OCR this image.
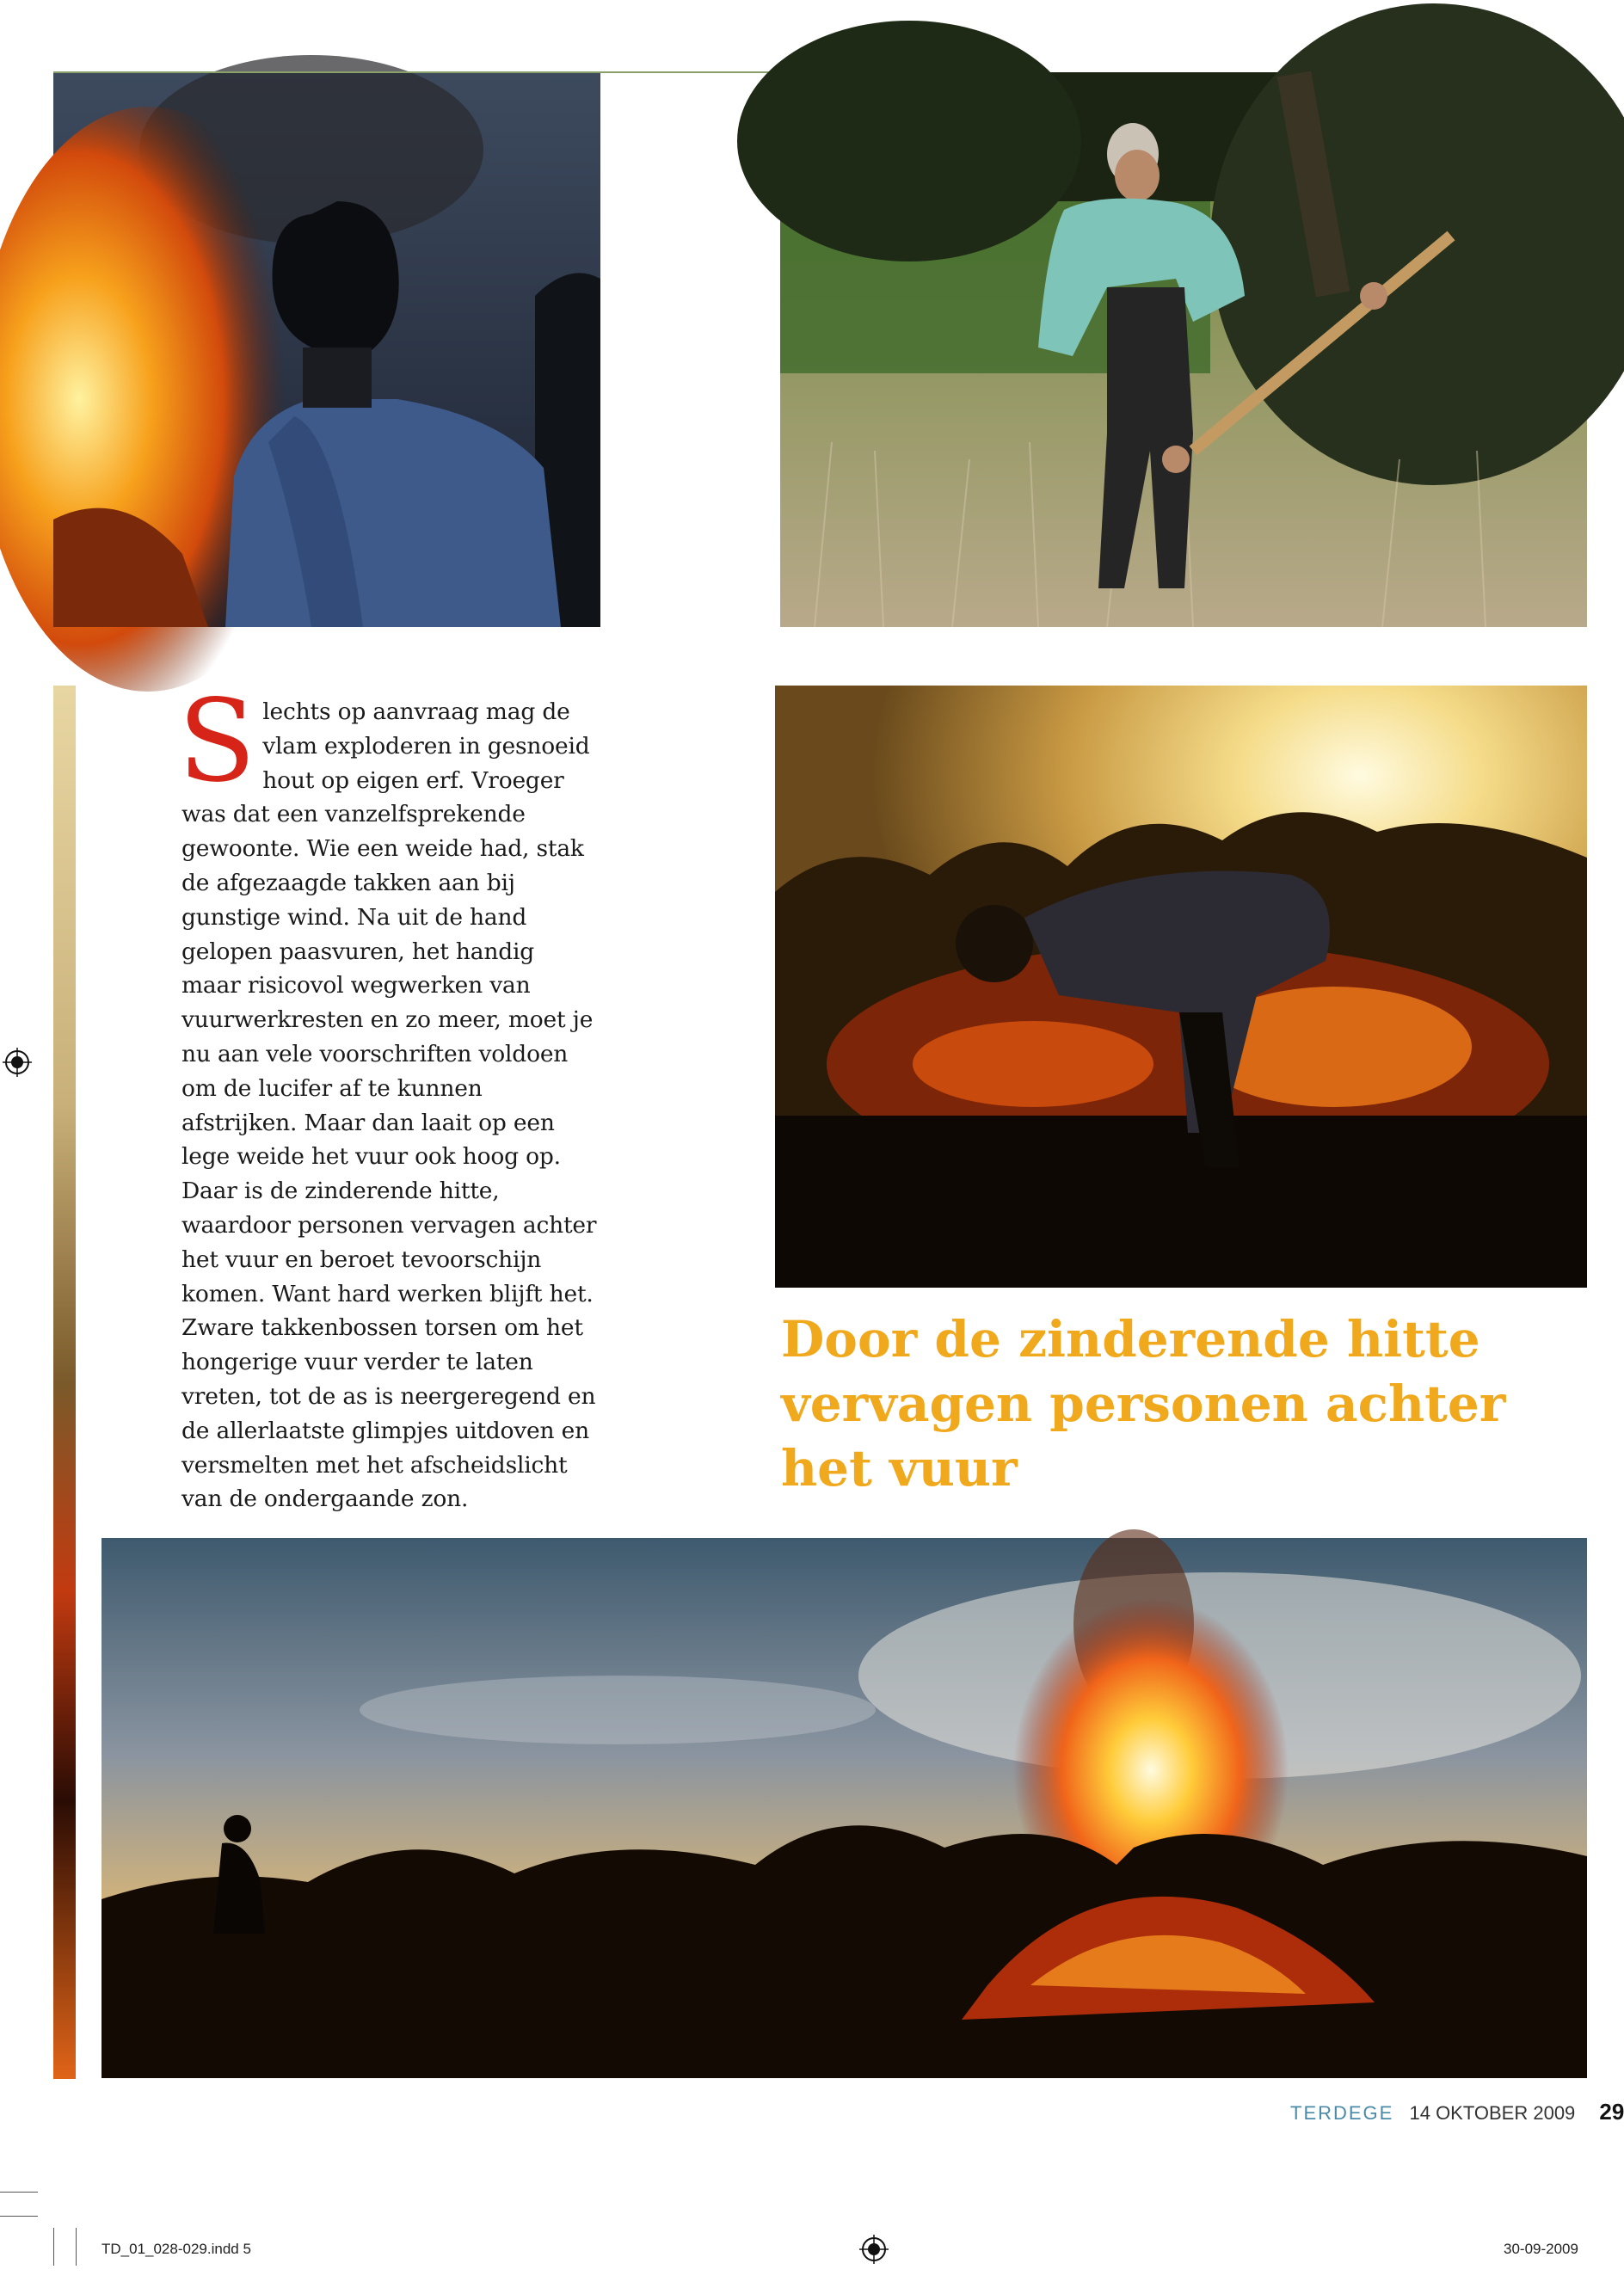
S lechts op aanvraag mag de vlam exploderen in gesnoeid hout op eigen erf. Vroeger was dat een vanzelfsprekende gewoonte. Wie een weide had, stak de afgezaagde takken aan bij gunstige wind. Na uit de hand gelopen paasvuren, het handig maar risicovol wegwerken van vuurwerkresten en zo meer, moet je nu aan vele voorschriften voldoen om de lucifer af te kunnen afstrijken. Maar dan laait op een lege weide het vuur ook hoog op. Daar is de zinderende hitte, waardoor personen vervagen achter het vuur en beroet tevoorschijn komen. Want hard werken blijft het. Zware takkenbossen torsen om het hongerige vuur verder te laten vreten, tot de as is neergeregend en de allerlaatste glimpjes uitdoven en versmelten met het afscheidslicht van de ondergaande zon.

Door de zinderende hitte vervagen personen achter het vuur

TERDEGE 14 OKTOBER 2009 29
TD_01_028-029.indd 5	30-09-2009
